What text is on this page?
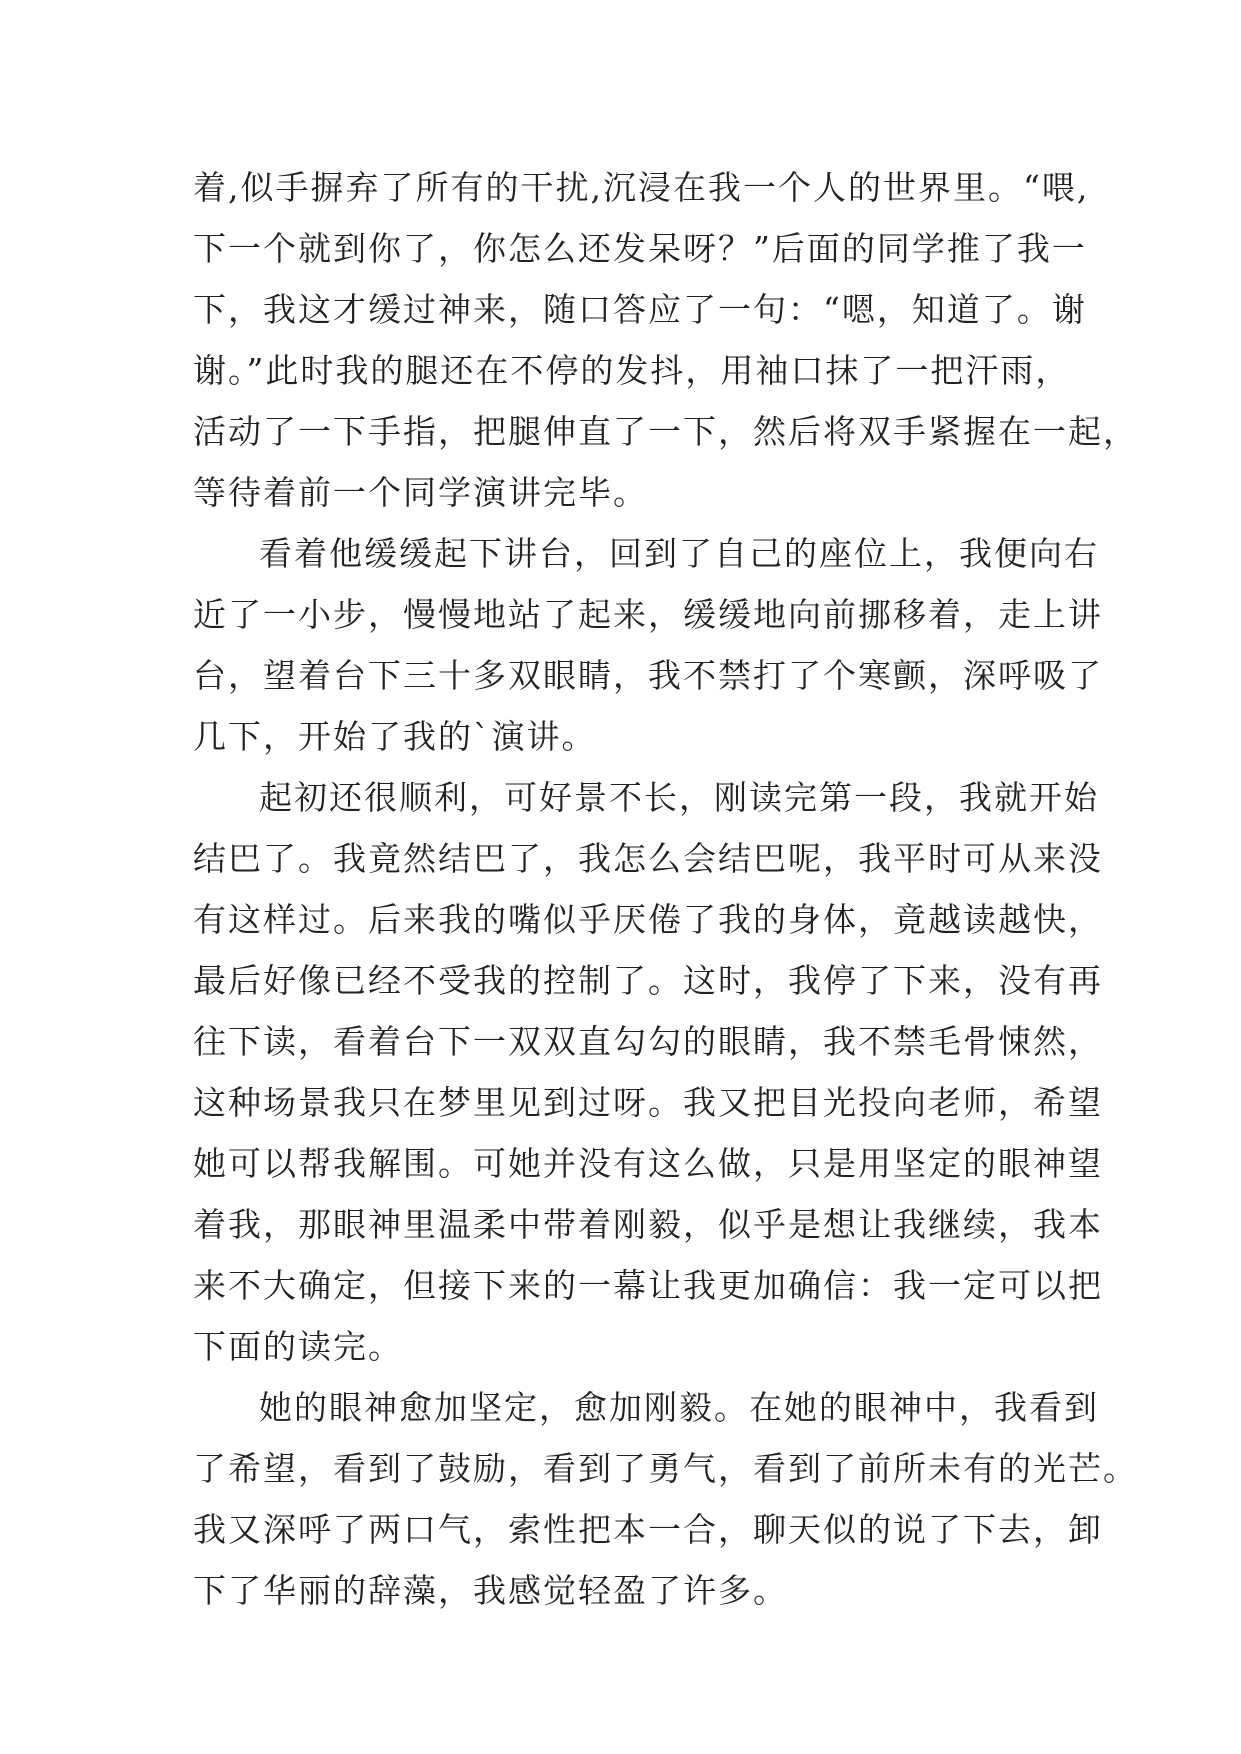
着,似手摒弃了所有的干扰,沉浸在我一个人的世界里。“喂,
下一个就到你了，你怎么还发呆呀？”后面的同学推了我一
下，我这才缓过神来，随口答应了一句：“嗯，知道了。谢
谢。”此时我的腿还在不停的发抖，用袖口抹了一把汗雨，
活动了一下手指，把腿伸直了一下，然后将双手紧握在一起，
等待着前一个同学演讲完毕。
看着他缓缓起下讲台，回到了自己的座位上，我便向右
近了一小步，慢慢地站了起来，缓缓地向前挪移着，走上讲
台，望着台下三十多双眼睛，我不禁打了个寒颤，深呼吸了
几下，开始了我的`演讲。
起初还很顺利，可好景不长，刚读完第一段，我就开始
结巴了。我竟然结巴了，我怎么会结巴呢，我平时可从来没
有这样过。后来我的嘴似乎厌倦了我的身体，竟越读越快，
最后好像已经不受我的控制了。这时，我停了下来，没有再
往下读，看着台下一双双直勾勾的眼睛，我不禁毛骨悚然，
这种场景我只在梦里见到过呀。我又把目光投向老师，希望
她可以帮我解围。可她并没有这么做，只是用坚定的眼神望
着我，那眼神里温柔中带着刚毅，似乎是想让我继续，我本
来不大确定，但接下来的一幕让我更加确信：我一定可以把
下面的读完。
她的眼神愈加坚定，愈加刚毅。在她的眼神中，我看到
了希望，看到了鼓励，看到了勇气，看到了前所未有的光芒。
我又深呼了两口气，索性把本一合，聊天似的说了下去，卸
下了华丽的辞藻，我感觉轻盈了许多。
